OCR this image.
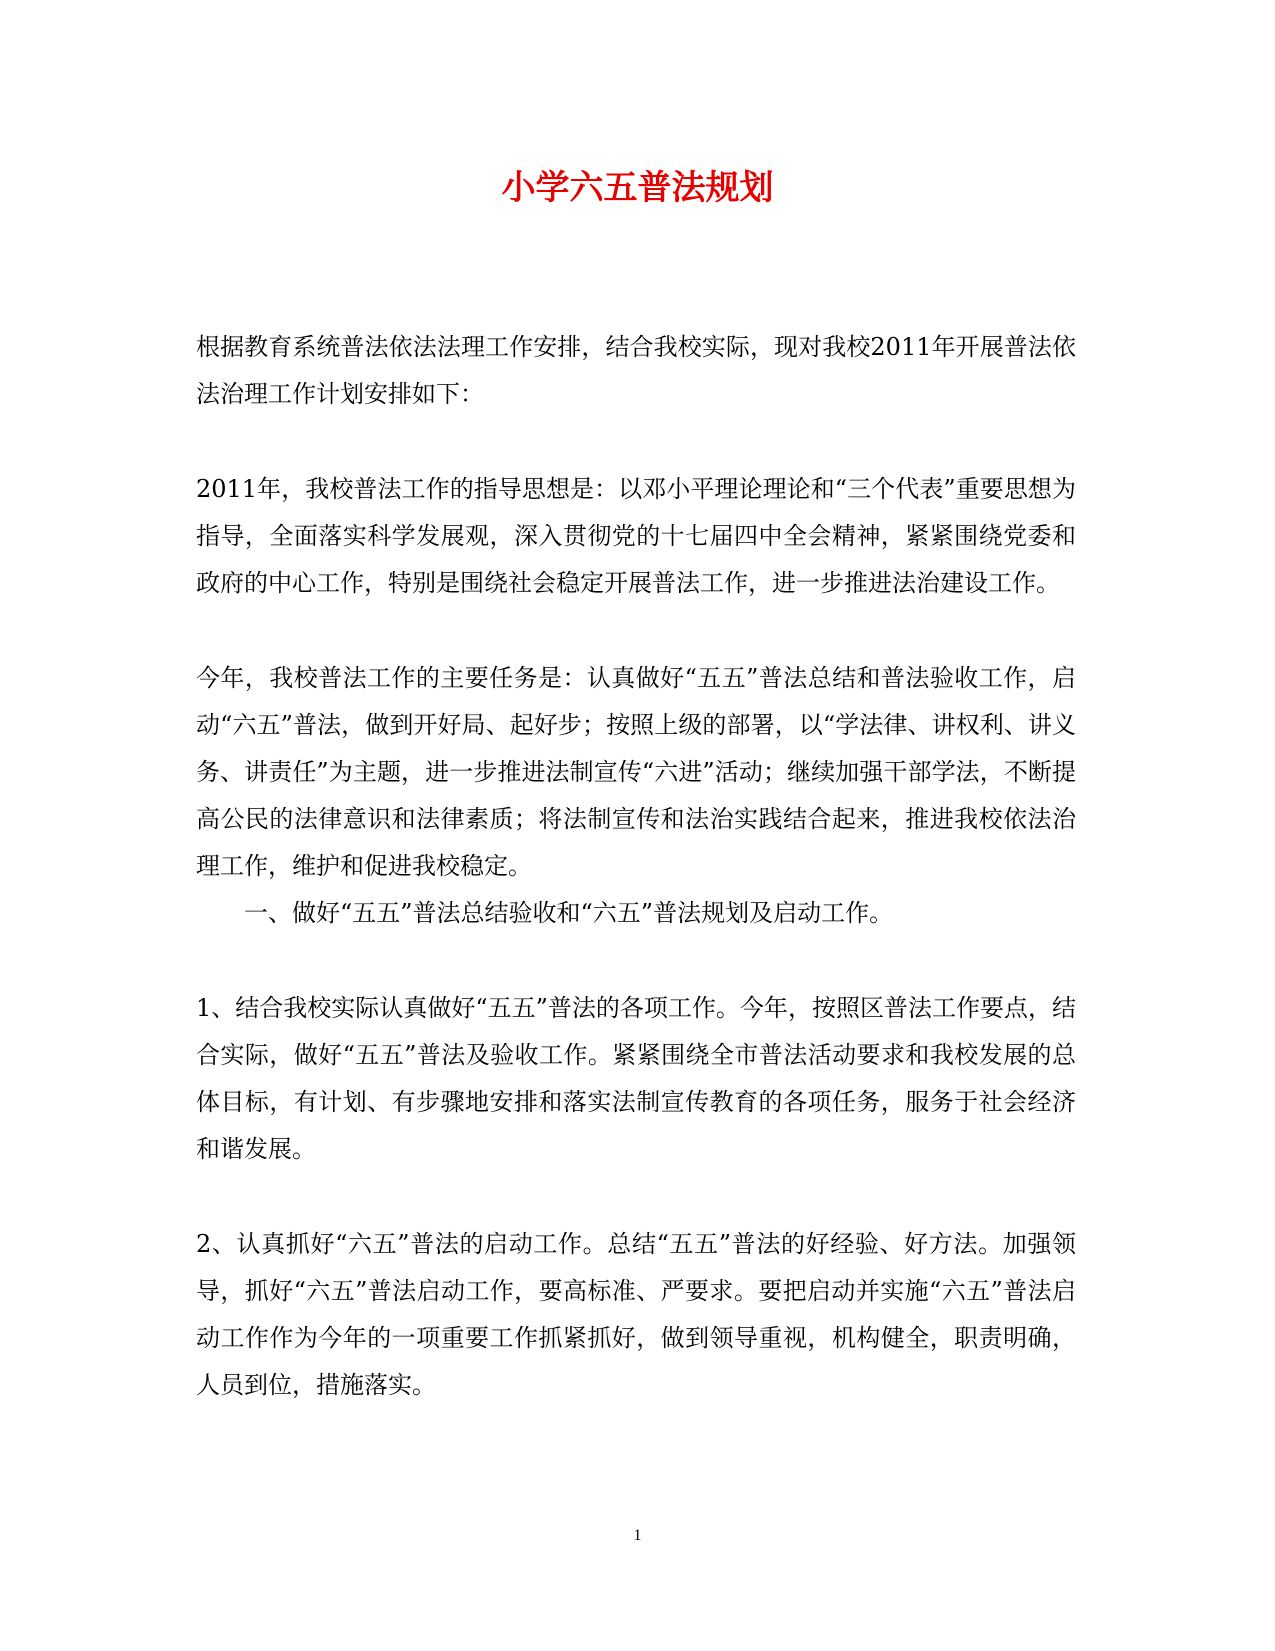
小学六五普法规划

根据教育系统普法依法法理工作安排，结合我校实际，现对我校2011年开展普法依法治理工作计划安排如下：

2011年，我校普法工作的指导思想是：以邓小平理论理论和“三个代表”重要思想为指导，全面落实科学发展观，深入贯彻党的十七届四中全会精神，紧紧围绕党委和政府的中心工作，特别是围绕社会稳定开展普法工作，进一步推进法治建设工作。

今年，我校普法工作的主要任务是：认真做好“五五”普法总结和普法验收工作，启动“六五”普法，做到开好局、起好步；按照上级的部署，以“学法律、讲权利、讲义务、讲责任”为主题，进一步推进法制宣传“六进”活动；继续加强干部学法，不断提高公民的法律意识和法律素质；将法制宣传和法治实践结合起来，推进我校依法治理工作，维护和促进我校稳定。

一、做好“五五”普法总结验收和“六五”普法规划及启动工作。

1、结合我校实际认真做好“五五”普法的各项工作。今年，按照区普法工作要点，结合实际，做好“五五”普法及验收工作。紧紧围绕全市普法活动要求和我校发展的总体目标，有计划、有步骤地安排和落实法制宣传教育的各项任务，服务于社会经济和谐发展。

2、认真抓好“六五”普法的启动工作。总结“五五”普法的好经验、好方法。加强领导，抓好“六五”普法启动工作，要高标准、严要求。要把启动并实施“六五”普法启动工作作为今年的一项重要工作抓紧抓好，做到领导重视，机构健全，职责明确，人员到位，措施落实。

1
